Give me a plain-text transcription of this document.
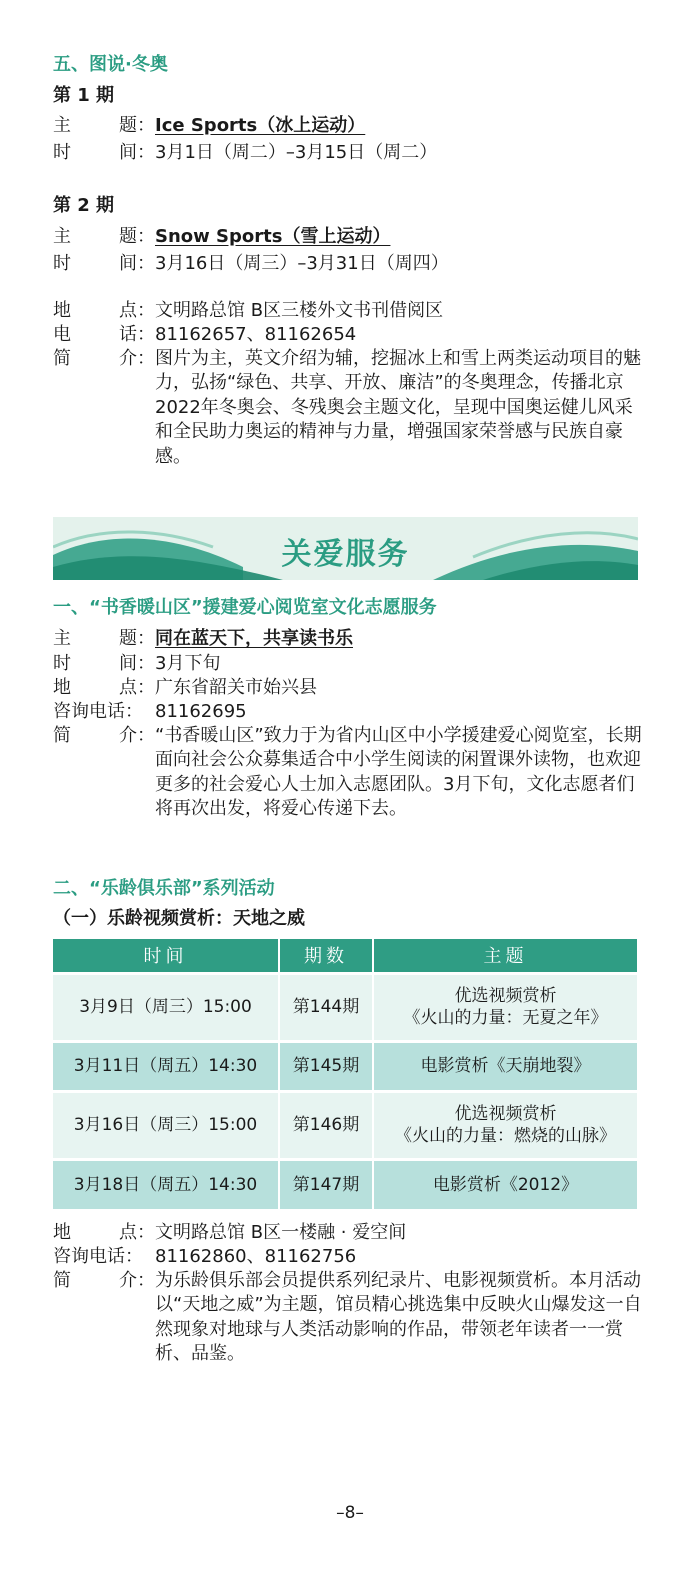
五、图说·冬奥
第 1 期
主	题： Ice Sports（冰上运动）
时	间： 3月1日（周二）–3月15日（周二）
第 2 期
主	题： Snow Sports（雪上运动）
时	间： 3月16日（周三）–3月31日（周四）
地	点： 文明路总馆 B区三楼外文书刊借阅区
电	话： 81162657、81162654
简	介： 图片为主，英文介绍为辅，挖掘冰上和雪上两类运动项目的魅力，弘扬“绿色、共享、开放、廉洁”的冬奥理念，传播北京2022年冬奥会、冬残奥会主题文化，呈现中国奥运健儿风采和全民助力奥运的精神与力量，增强国家荣誉感与民族自豪感。
关爱服务
一、“书香暖山区”援建爱心阅览室文化志愿服务
主	题： 同在蓝天下，共享读书乐
时	间： 3月下旬
地	点： 广东省韶关市始兴县
咨询电话： 81162695
简	介： “书香暖山区”致力于为省内山区中小学援建爱心阅览室，长期面向社会公众募集适合中小学生阅读的闲置课外读物，也欢迎更多的社会爱心人士加入志愿团队。3月下旬，文化志愿者们将再次出发，将爱心传递下去。
二、“乐龄俱乐部”系列活动
（一）乐龄视频赏析：天地之威
时间	期数	主题
3月9日（周三）15:00	第144期	优选视频赏析
《火山的力量：无夏之年》

3月11日（周五）14:30	第145期	电影赏析《天崩地裂》

3月16日（周三）15:00	第146期	优选视频赏析
《火山的力量：燃烧的山脉》

3月18日（周五）14:30	第147期	电影赏析《2012》
地	点： 文明路总馆 B区一楼融 · 爱空间
咨询电话： 81162860、81162756
简	介： 为乐龄俱乐部会员提供系列纪录片、电影视频赏析。本月活动以“天地之威”为主题，馆员精心挑选集中反映火山爆发这一自然现象对地球与人类活动影响的作品，带领老年读者一一赏析、品鉴。
–8–
